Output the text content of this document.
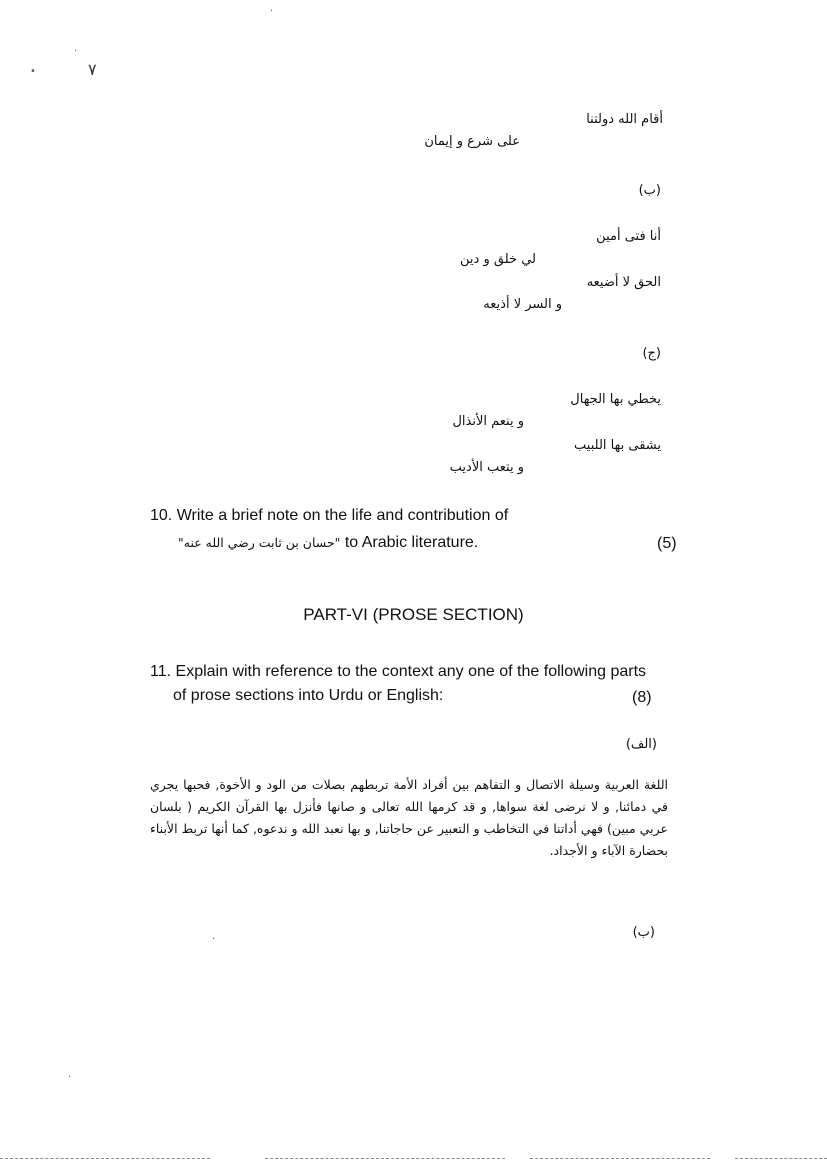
•
·
٧
أقام الله دولتنا
على شرع و إيمان
(ب)
أنا فتى أمين
لي خلق و دين
الحق لا أضيعه
و السر لا أذيعه
(ج)
يخطي بها الجهال
و ينعم الأنذال
يشقى بها اللبيب
و يتعب الأديب
10. Write a brief note on the life and contribution of
"حسان بن ثابت رضي الله عنه" to Arabic literature.	(5)
PART-VI (PROSE SECTION)
11. Explain with reference to the context any one of the following parts
of prose sections into Urdu or English:	(8)
(الف)
اللغة العربية وسيلة الاتصال و التفاهم بين أفراد الأمة تربطهم بصلات من الود و الأخوة, فحبها يجري في دمائنا, و لا نرضى لغة سواها, و قد كرمها الله تعالى و صانها فأنزل بها القرآن الكريم ( بلسان عربي مبين) فهي أداتنا في التخاطب و التعبير عن حاجاتنا, و بها نعبد الله و ندعوه, كما أنها تربط الأبناء بحضارة الآباء و الأجداد.
(ب)
·
·
·
